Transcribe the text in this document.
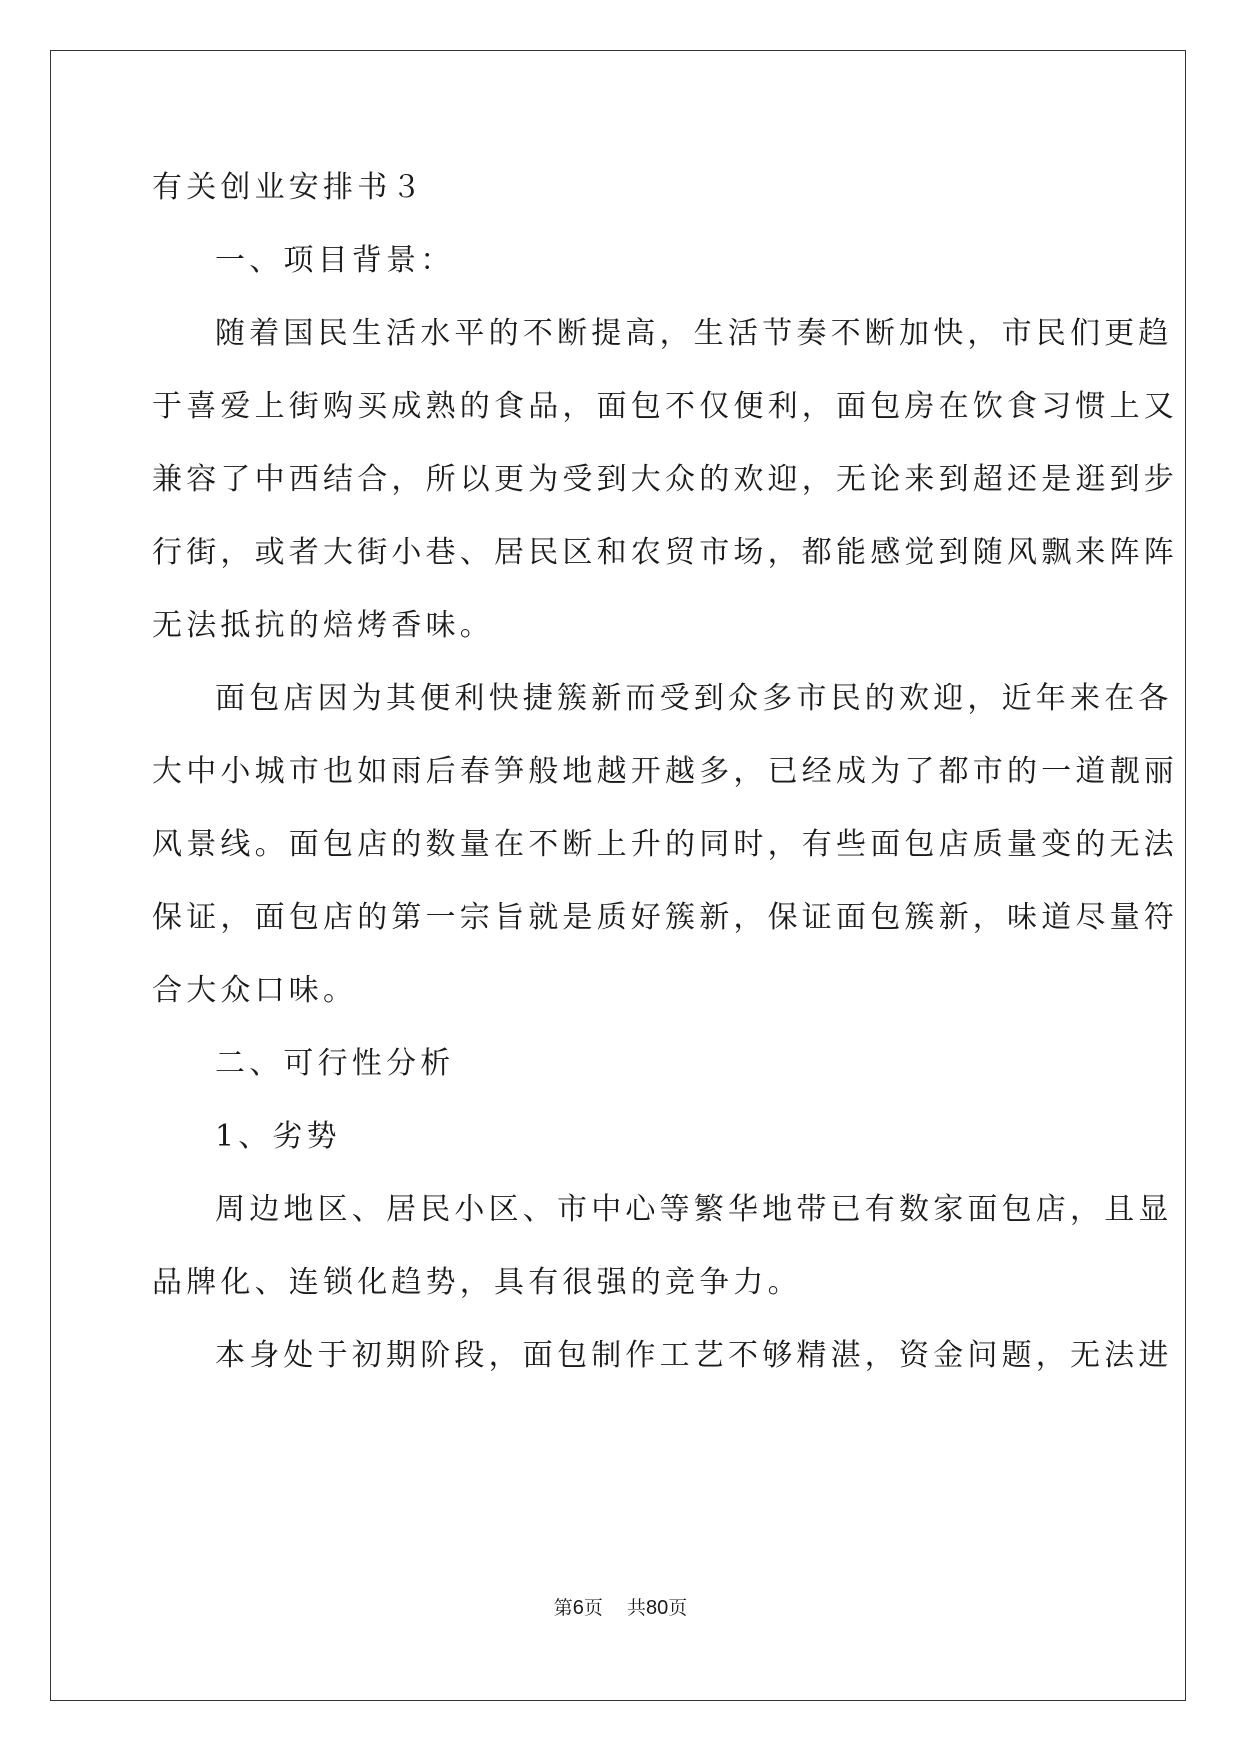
有关创业安排书３
一、项目背景：
随着国民生活水平的不断提高，生活节奏不断加快，市民们更趋
于喜爱上街购买成熟的食品，面包不仅便利，面包房在饮食习惯上又
兼容了中西结合，所以更为受到大众的欢迎，无论来到超还是逛到步
行街，或者大街小巷、居民区和农贸市场，都能感觉到随风飘来阵阵
无法抵抗的焙烤香味。
面包店因为其便利快捷簇新而受到众多市民的欢迎，近年来在各
大中小城市也如雨后春笋般地越开越多，已经成为了都市的一道靓丽
风景线。面包店的数量在不断上升的同时，有些面包店质量变的无法
保证，面包店的第一宗旨就是质好簇新，保证面包簇新，味道尽量符
合大众口味。
二、可行性分析
1、劣势
周边地区、居民小区、市中心等繁华地带已有数家面包店，且显
品牌化、连锁化趋势，具有很强的竞争力。
本身处于初期阶段，面包制作工艺不够精湛，资金问题，无法进
第6页 共80页
